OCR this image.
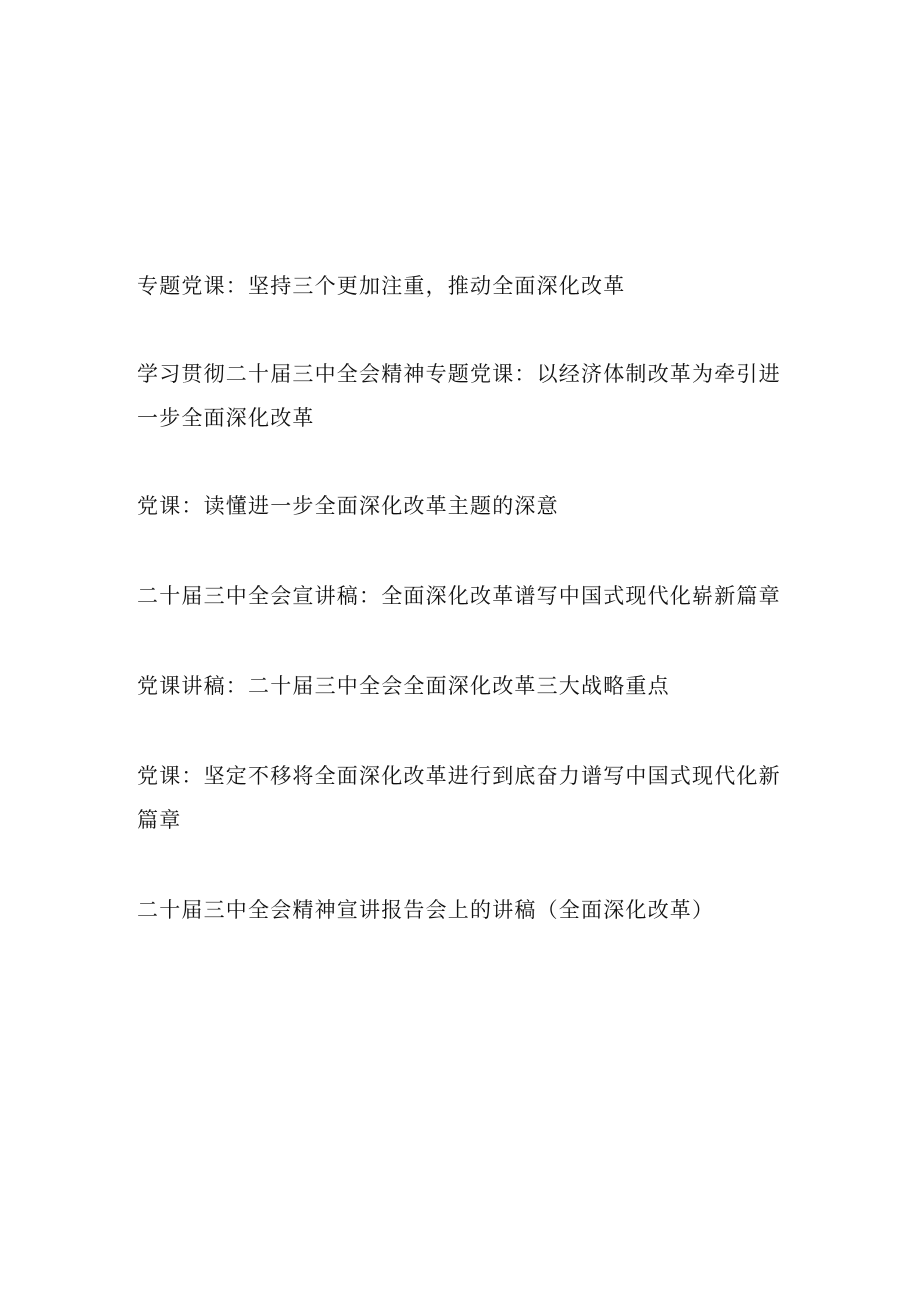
专题党课：坚持三个更加注重，推动全面深化改革

学习贯彻二十届三中全会精神专题党课：以经济体制改革为牵引进一步全面深化改革

党课：读懂进一步全面深化改革主题的深意

二十届三中全会宣讲稿：全面深化改革谱写中国式现代化崭新篇章

党课讲稿：二十届三中全会全面深化改革三大战略重点

党课：坚定不移将全面深化改革进行到底奋力谱写中国式现代化新篇章

二十届三中全会精神宣讲报告会上的讲稿（全面深化改革）
